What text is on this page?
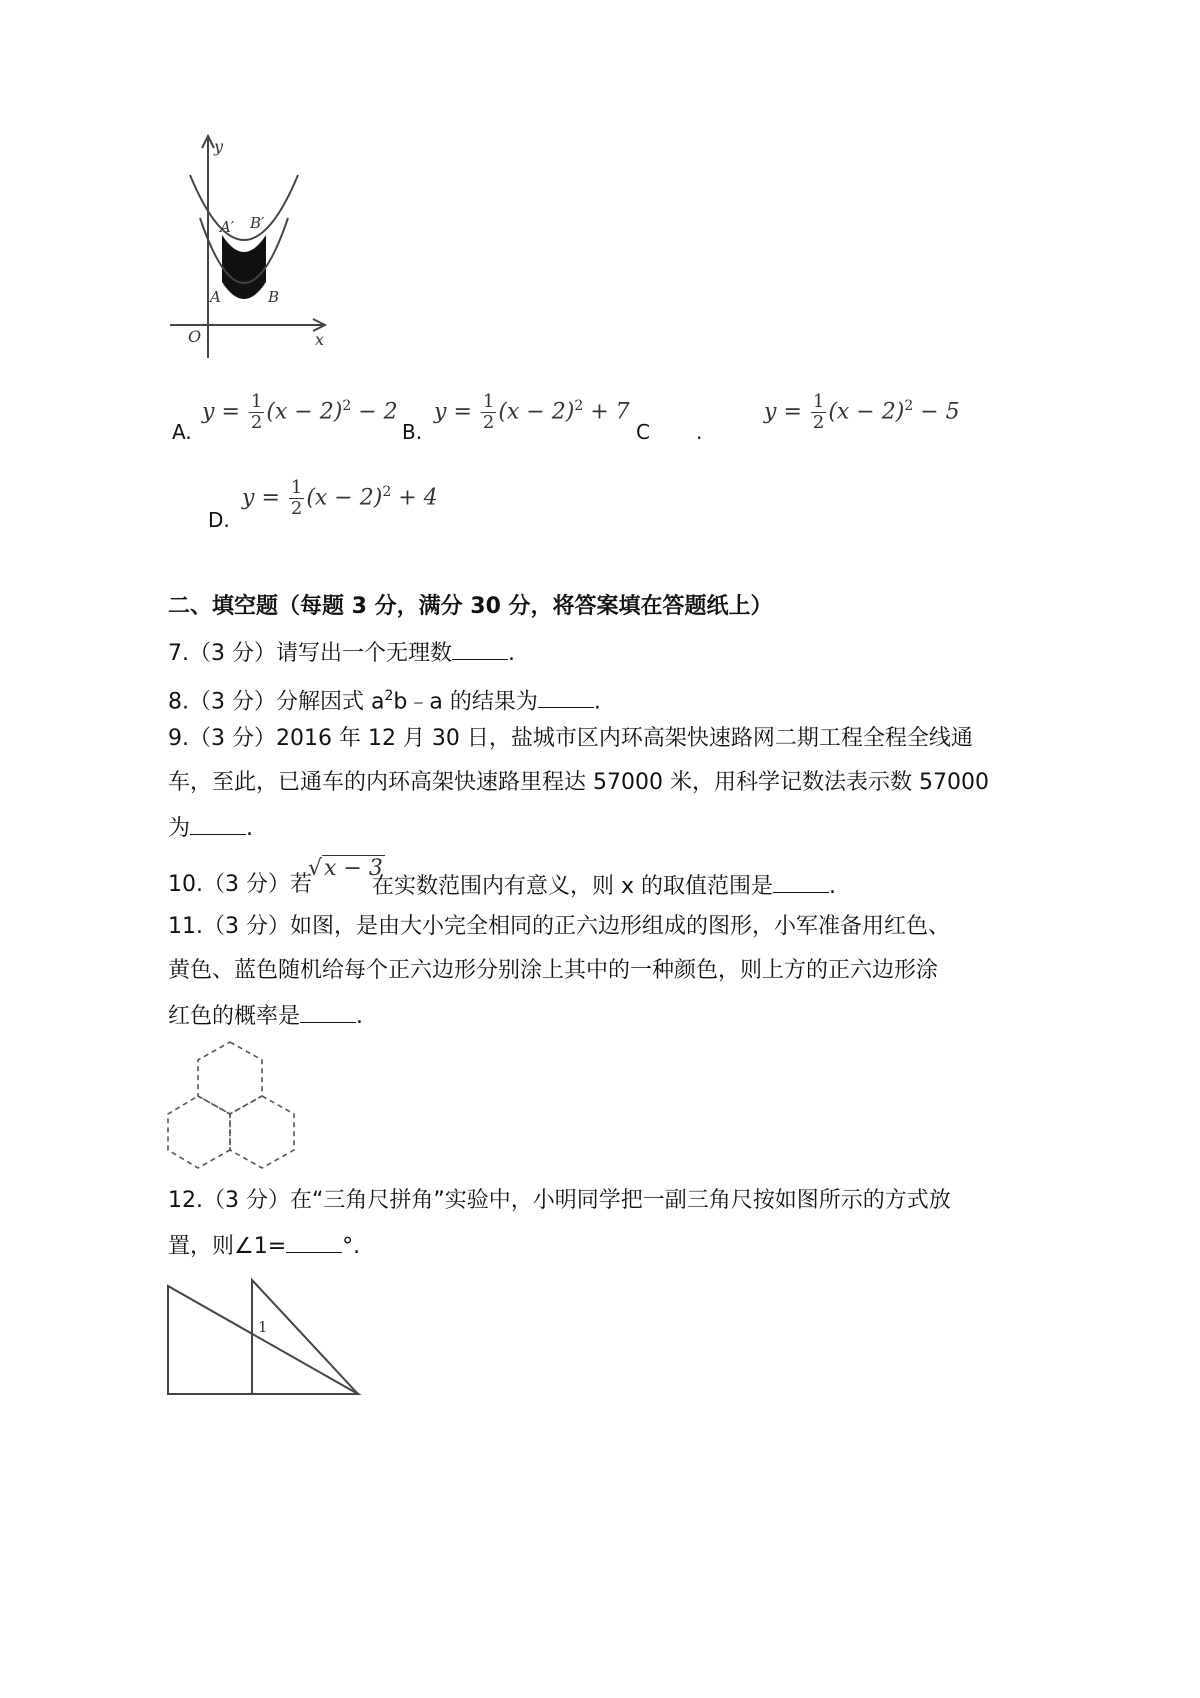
y
x
O
A′ B′
A	B
A.
$y = \frac{1}{2} (x - 2)^2 - 2$
B.
$y = \frac{1}{2} (x - 2)^2 + 7$
C .
$y = \frac{1}{2} (x - 2)^2 - 5$
D.
$y = \frac{1}{2} (x - 2)^2 + 4$
二、填空题（每题 3 分，满分 30 分，将答案填在答题纸上）
7.（3 分）请写出一个无理数	.
8.（3 分）分解因式 $a^2b﹣a$ 的结果为	.
9.（3 分）2016 年 12 月 30 日，盐城市区内环高架快速路网二期工程全程全线通
车，至此，已通车的内环高架快速路里程达 57000 米，用科学记数法表示数 57000
为	.
10.（3 分）若
√x − 3
在实数范围内有意义，则 x 的取值范围是	.
11.（3 分）如图，是由大小完全相同的正六边形组成的图形，小军准备用红色、
黄色、蓝色随机给每个正六边形分别涂上其中的一种颜色，则上方的正六边形涂
红色的概率是	.
12.（3 分）在“三角尺拼角”实验中，小明同学把一副三角尺按如图所示的方式放
置，则∠1=	°.
1
